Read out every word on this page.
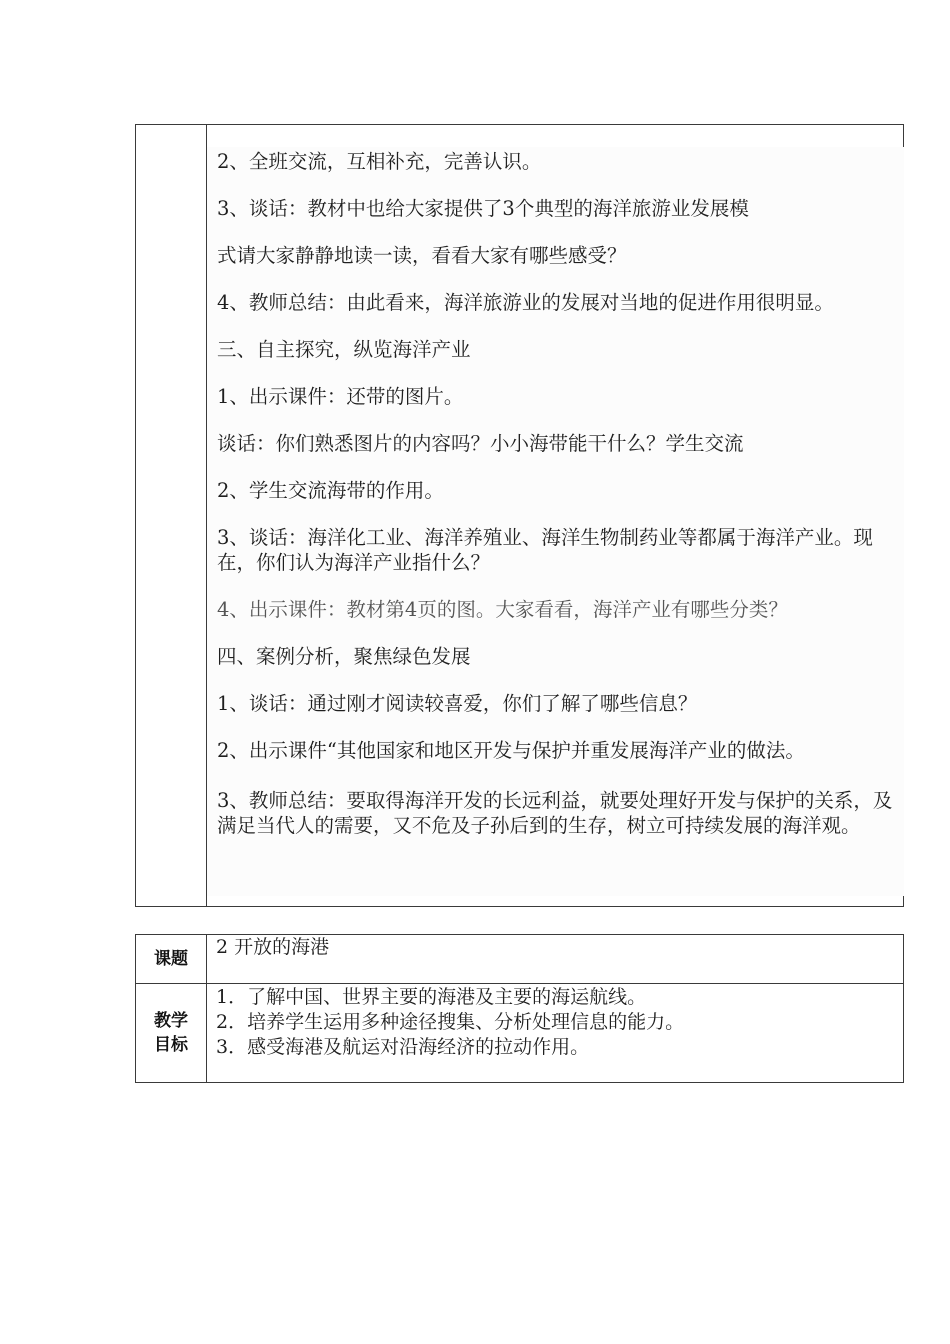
2、全班交流，互相补充，完善认识。
3、谈话：教材中也给大家提供了3个典型的海洋旅游业发展模
式请大家静静地读一读，看看大家有哪些感受？
4、教师总结：由此看来，海洋旅游业的发展对当地的促进作用很明显。
三、自主探究，纵览海洋产业
1、出示课件：还带的图片。
谈话：你们熟悉图片的内容吗？小小海带能干什么？学生交流
2、学生交流海带的作用。
3、谈话：海洋化工业、海洋养殖业、海洋生物制药业等都属于海洋产业。现在，你们认为海洋产业指什么？
4、出示课件：教材第4页的图。大家看看，海洋产业有哪些分类？
四、案例分析，聚焦绿色发展
1、谈话：通过刚才阅读较喜爱，你们了解了哪些信息？
2、出示课件“其他国家和地区开发与保护并重发展海洋产业的做法。
3、教师总结：要取得海洋开发的长远利益，就要处理好开发与保护的关系，及满足当代人的需要，又不危及子孙后到的生存，树立可持续发展的海洋观。
课题
2 开放的海港
教学
目标
1．了解中国、世界主要的海港及主要的海运航线。
2．培养学生运用多种途径搜集、分析处理信息的能力。
3．感受海港及航运对沿海经济的拉动作用。
